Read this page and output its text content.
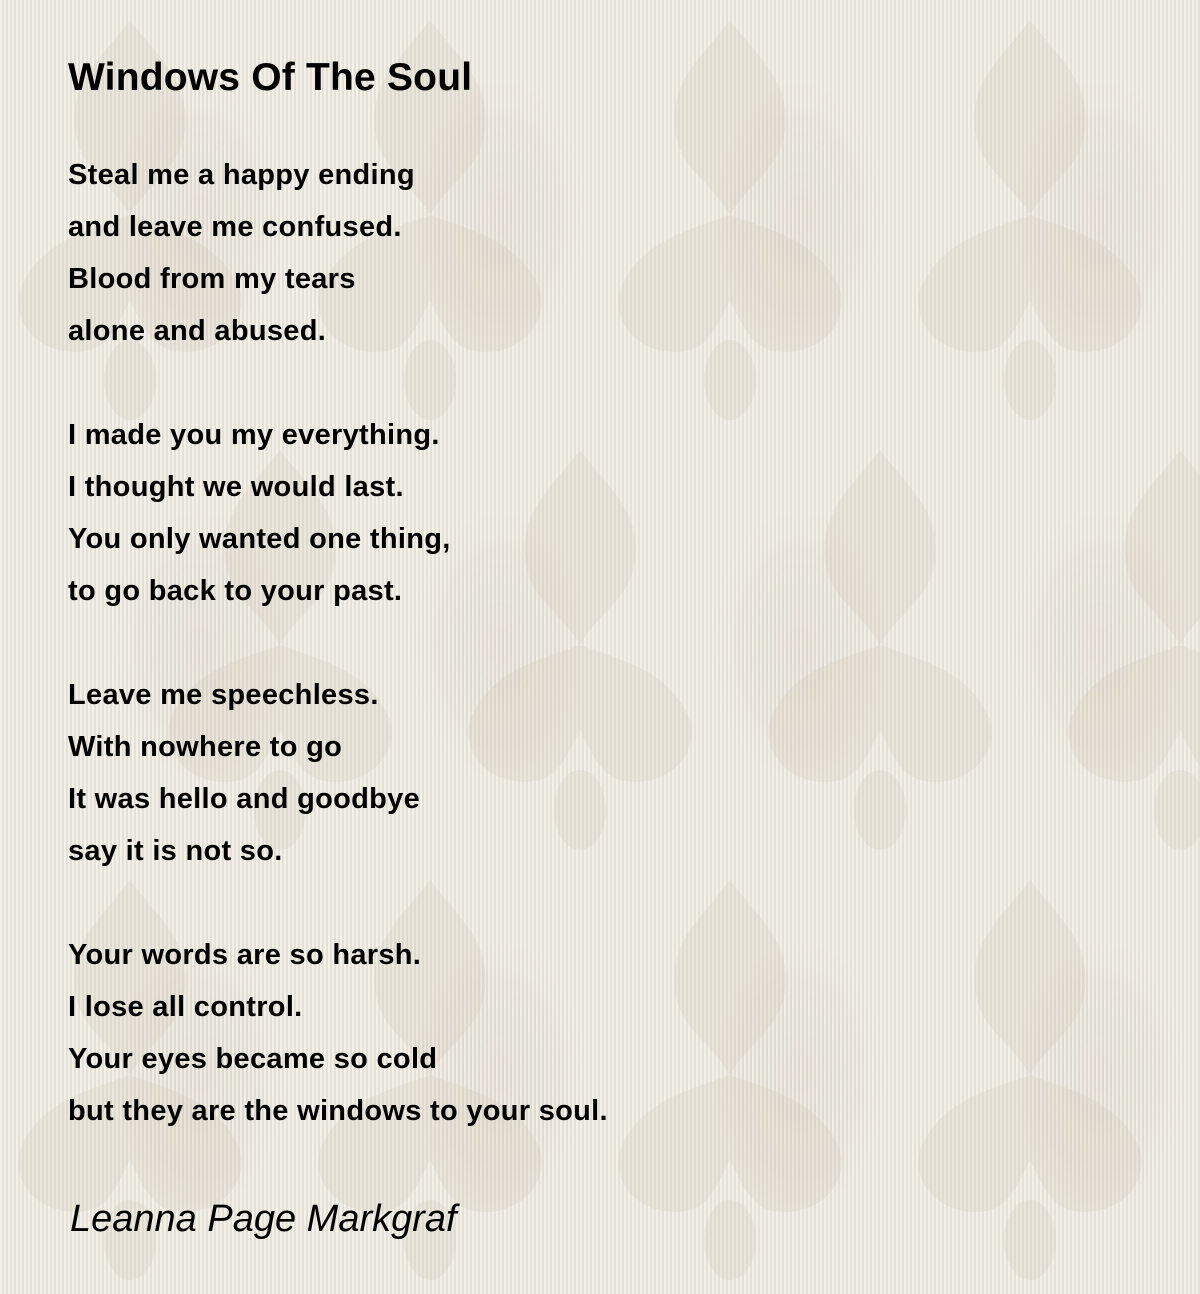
Windows Of The Soul
Steal me a happy ending
and leave me confused.
Blood from my tears
alone and abused.
I made you my everything.
I thought we would last.
You only wanted one thing,
to go back to your past.
Leave me speechless.
With nowhere to go
It was hello and goodbye
say it is not so.
Your words are so harsh.
I lose all control.
Your eyes became so cold
but they are the windows to your soul.

Leanna Page Markgraf
